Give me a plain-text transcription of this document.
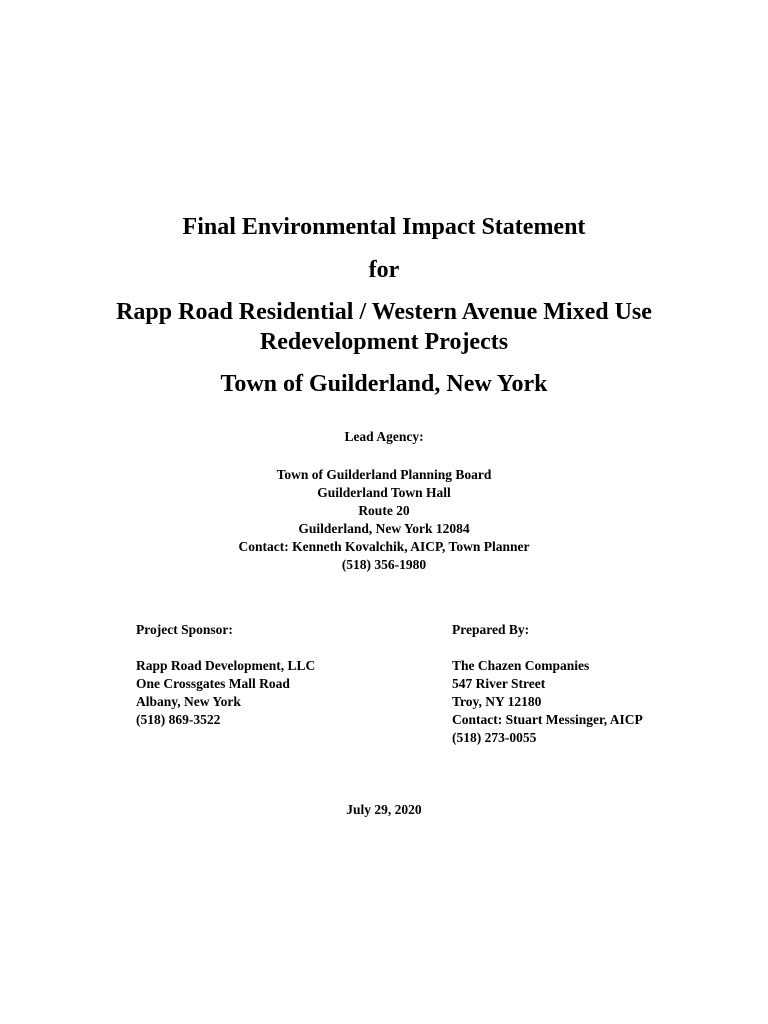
Final Environmental Impact Statement
for
Rapp Road Residential / Western Avenue Mixed Use
Redevelopment Projects
Town of Guilderland, New York
Lead Agency:
Town of Guilderland Planning Board
Guilderland Town Hall
Route 20
Guilderland, New York 12084
Contact: Kenneth Kovalchik, AICP, Town Planner
(518) 356-1980
Project Sponsor:
Rapp Road Development, LLC
One Crossgates Mall Road
Albany, New York
(518) 869-3522
Prepared By:
The Chazen Companies
547 River Street
Troy, NY 12180
Contact: Stuart Messinger, AICP
(518) 273-0055
July 29, 2020
